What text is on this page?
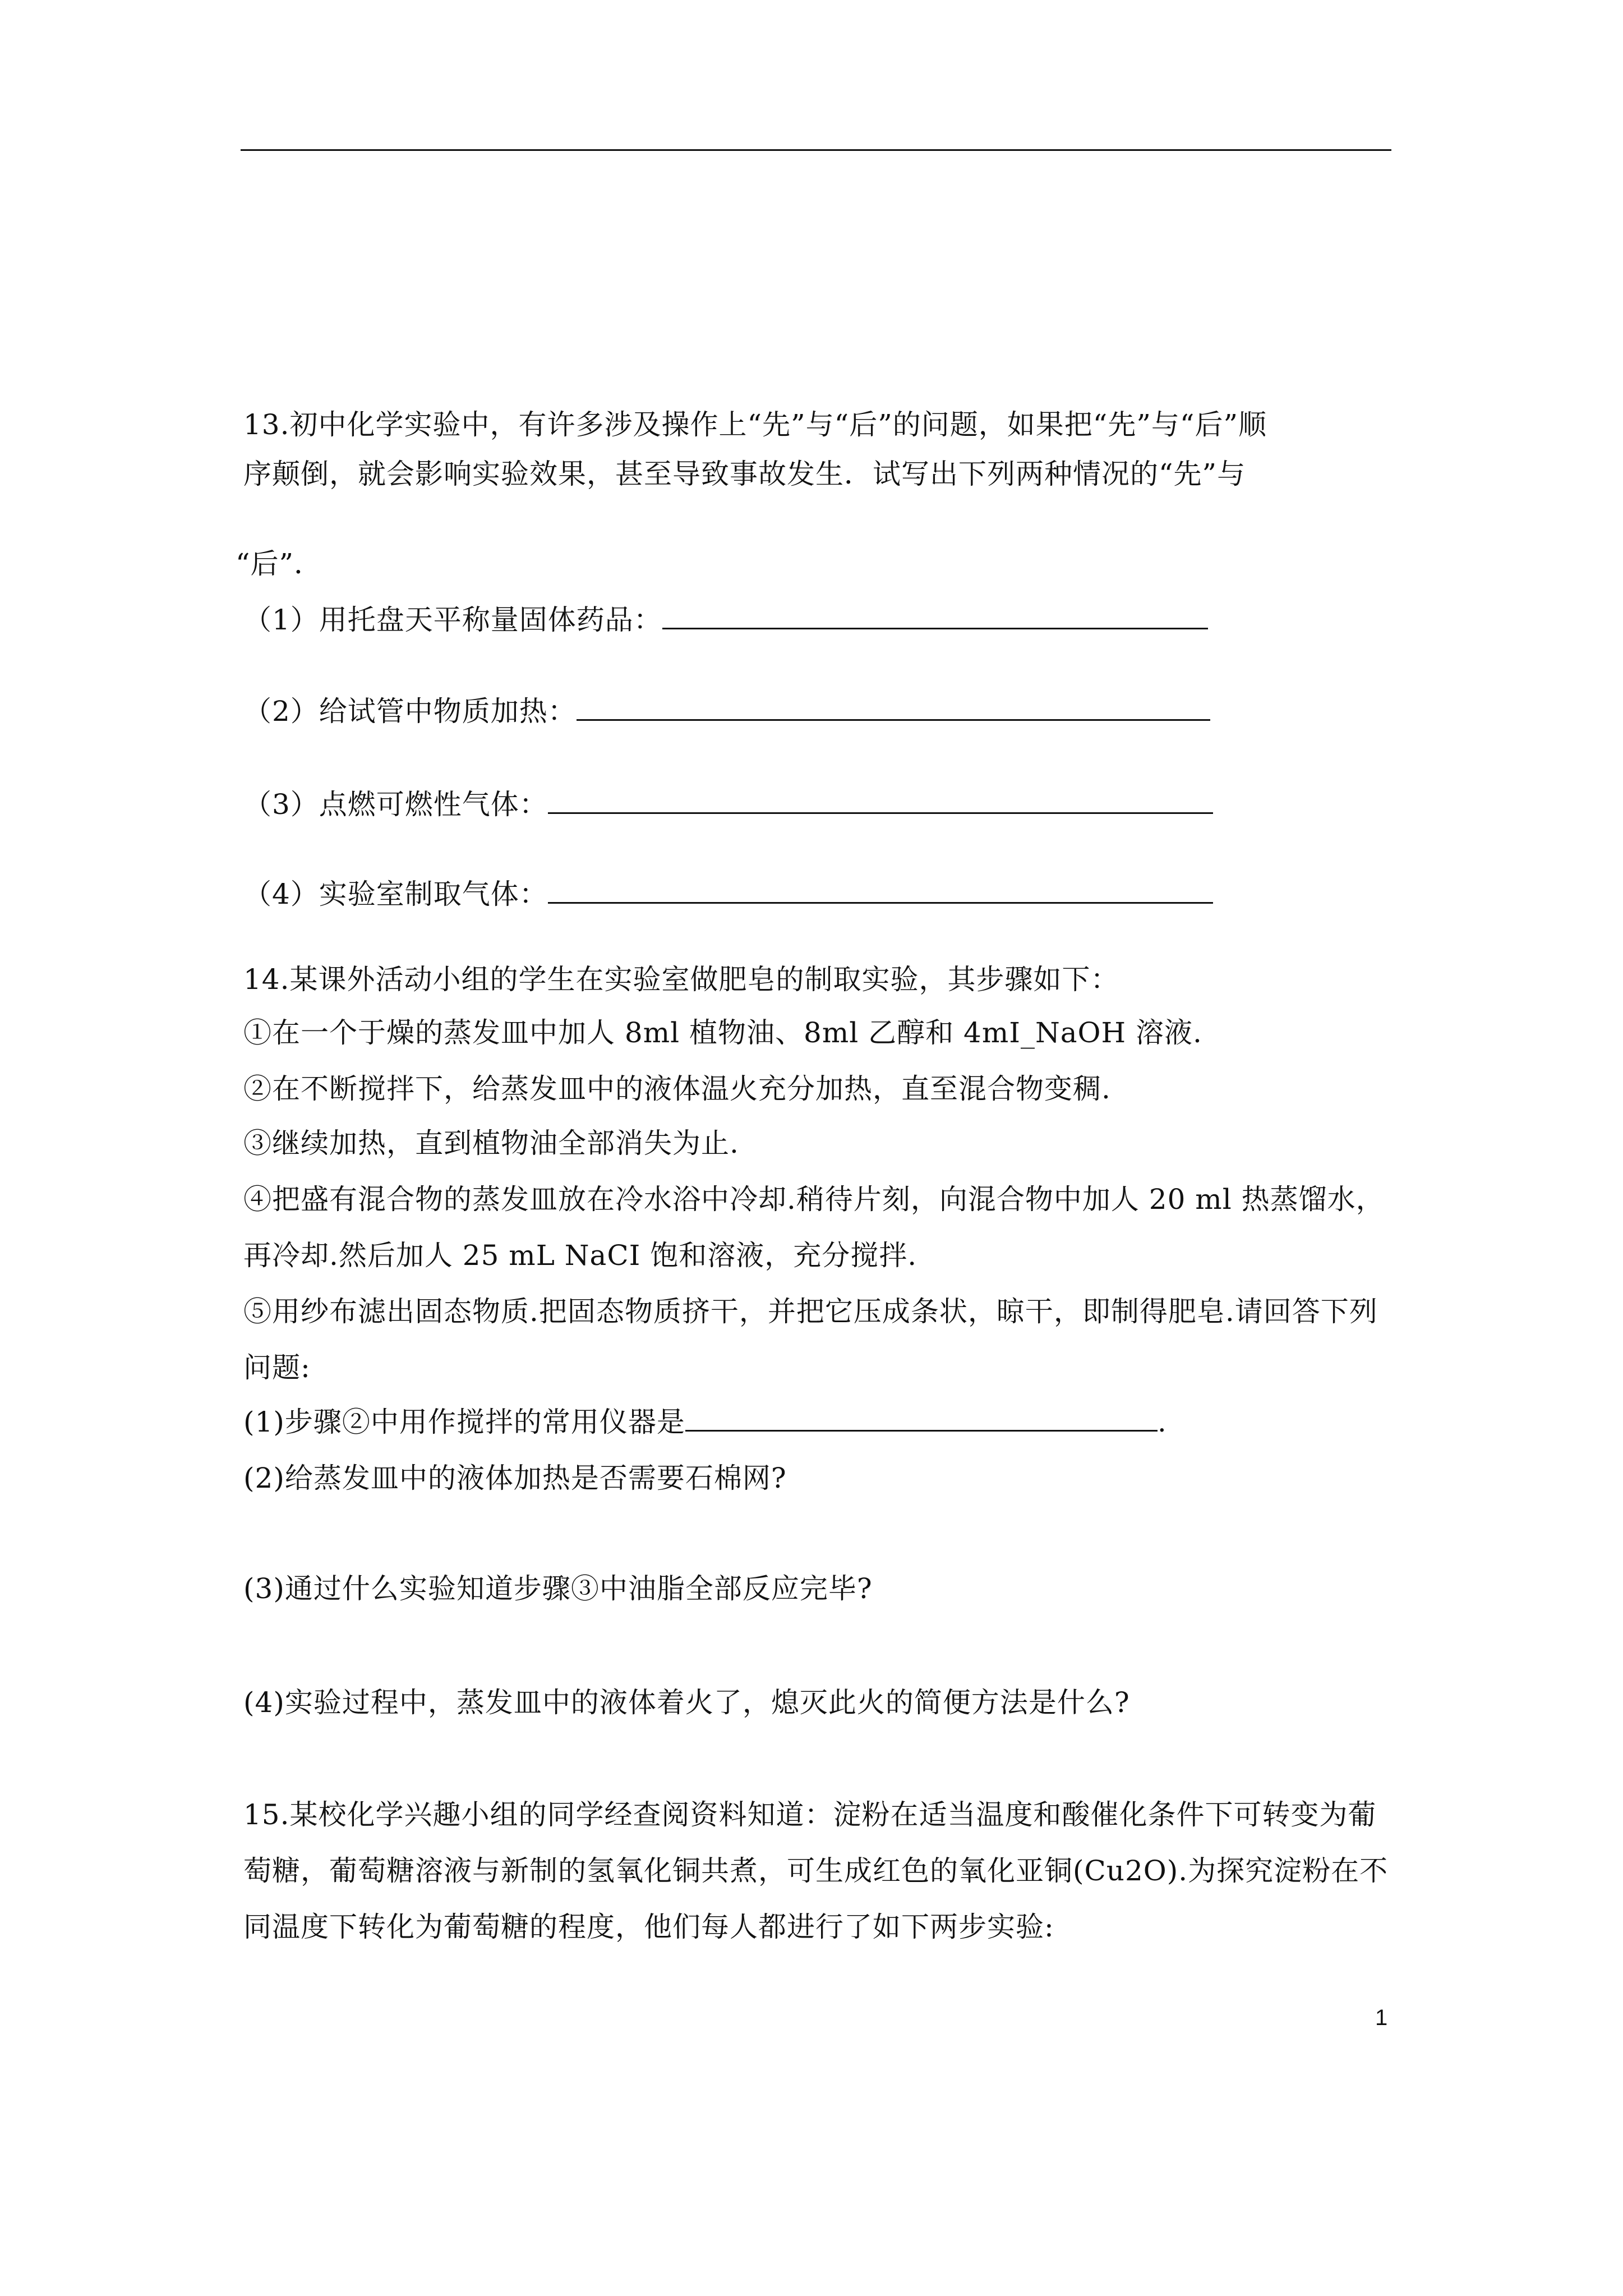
13.初中化学实验中，有许多涉及操作上“先”与“后”的问题，如果把“先”与“后”顺
序颠倒，就会影响实验效果，甚至导致事故发生．试写出下列两种情况的“先”与
“后”．
（1）用托盘天平称量固体药品：
（2）给试管中物质加热：
（3）点燃可燃性气体：
（4）实验室制取气体：
14.某课外活动小组的学生在实验室做肥皂的制取实验，其步骤如下：
①在一个于燥的蒸发皿中加人 8ml 植物油、8ml 乙醇和 4mI_NaOH 溶液.
②在不断搅拌下，给蒸发皿中的液体温火充分加热，直至混合物变稠.
③继续加热，直到植物油全部消失为止.
④把盛有混合物的蒸发皿放在冷水浴中冷却.稍待片刻，向混合物中加人 20 ml 热蒸馏水，
再冷却.然后加人 25 mL NaCI 饱和溶液，充分搅拌.
⑤用纱布滤出固态物质.把固态物质挤干，并把它压成条状，晾干，即制得肥皂.请回答下列
问题:
(1)步骤②中用作搅拌的常用仪器是	.
(2)给蒸发皿中的液体加热是否需要石棉网?
(3)通过什么实验知道步骤③中油脂全部反应完毕?
(4)实验过程中，蒸发皿中的液体着火了，熄灭此火的简便方法是什么?
15.某校化学兴趣小组的同学经查阅资料知道：淀粉在适当温度和酸催化条件下可转变为葡
萄糖，葡萄糖溶液与新制的氢氧化铜共煮，可生成红色的氧化亚铜(Cu2O).为探究淀粉在不
同温度下转化为葡萄糖的程度，他们每人都进行了如下两步实验:
1
